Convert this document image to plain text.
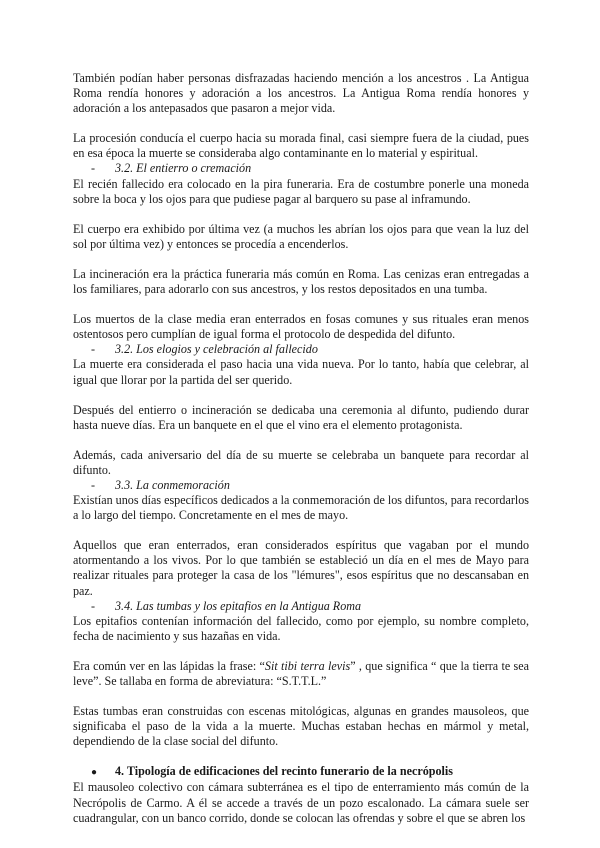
También podían haber personas disfrazadas haciendo mención a los ancestros . La Antigua Roma rendía honores y adoración a los ancestros. La Antigua Roma rendía honores y adoración a los antepasados que pasaron a mejor vida.

La procesión conducía el cuerpo hacia su morada final, casi siempre fuera de la ciudad, pues en esa época la muerte se consideraba algo contaminante en lo material y espiritual.

- 3.2. El entierro o cremación

El recién fallecido era colocado en la pira funeraria. Era de costumbre ponerle una moneda sobre la boca y los ojos para que pudiese pagar al barquero su pase al inframundo.

El cuerpo era exhibido por última vez (a muchos les abrían los ojos para que vean la luz del sol por última vez) y entonces se procedía a encenderlos.

La incineración era la práctica funeraria más común en Roma. Las cenizas eran entregadas a los familiares, para adorarlo con sus ancestros, y los restos depositados en una tumba.

Los muertos de la clase media eran enterrados en fosas comunes y sus rituales eran menos ostentosos pero cumplían de igual forma el protocolo de despedida del difunto.

- 3.2. Los elogios y celebración al fallecido

La muerte era considerada el paso hacia una vida nueva. Por lo tanto, había que celebrar, al igual que llorar por la partida del ser querido.

Después del entierro o incineración se dedicaba una ceremonia al difunto, pudiendo durar hasta nueve días. Era un banquete en el que el vino era el elemento protagonista.

Además, cada aniversario del día de su muerte se celebraba un banquete para recordar al difunto.

- 3.3. La conmemoración

Existían unos días específicos dedicados a la conmemoración de los difuntos, para recordarlos a lo largo del tiempo. Concretamente en el mes de mayo.

Aquellos que eran enterrados, eran considerados espíritus que vagaban por el mundo atormentando a los vivos. Por lo que también se estableció un día en el mes de Mayo para realizar rituales para proteger la casa de los "lémures", esos espíritus que no descansaban en paz.

- 3.4. Las tumbas y los epitafios en la Antigua Roma

Los epitafios contenían información del fallecido, como por ejemplo, su nombre completo, fecha de nacimiento y sus hazañas en vida.

Era común ver en las lápidas la frase: “Sit tibi terra levis” , que significa “ que la tierra te sea leve”. Se tallaba en forma de abreviatura: “S.T.T.L.”

Estas tumbas eran construidas con escenas mitológicas, algunas en grandes mausoleos, que significaba el paso de la vida a la muerte. Muchas estaban hechas en mármol y metal, dependiendo de la clase social del difunto.

● 4. Tipología de edificaciones del recinto funerario de la necrópolis

El mausoleo colectivo con cámara subterránea es el tipo de enterramiento más común de la Necrópolis de Carmo. A él se accede a través de un pozo escalonado. La cámara suele ser cuadrangular, con un banco corrido, donde se colocan las ofrendas y sobre el que se abren los
